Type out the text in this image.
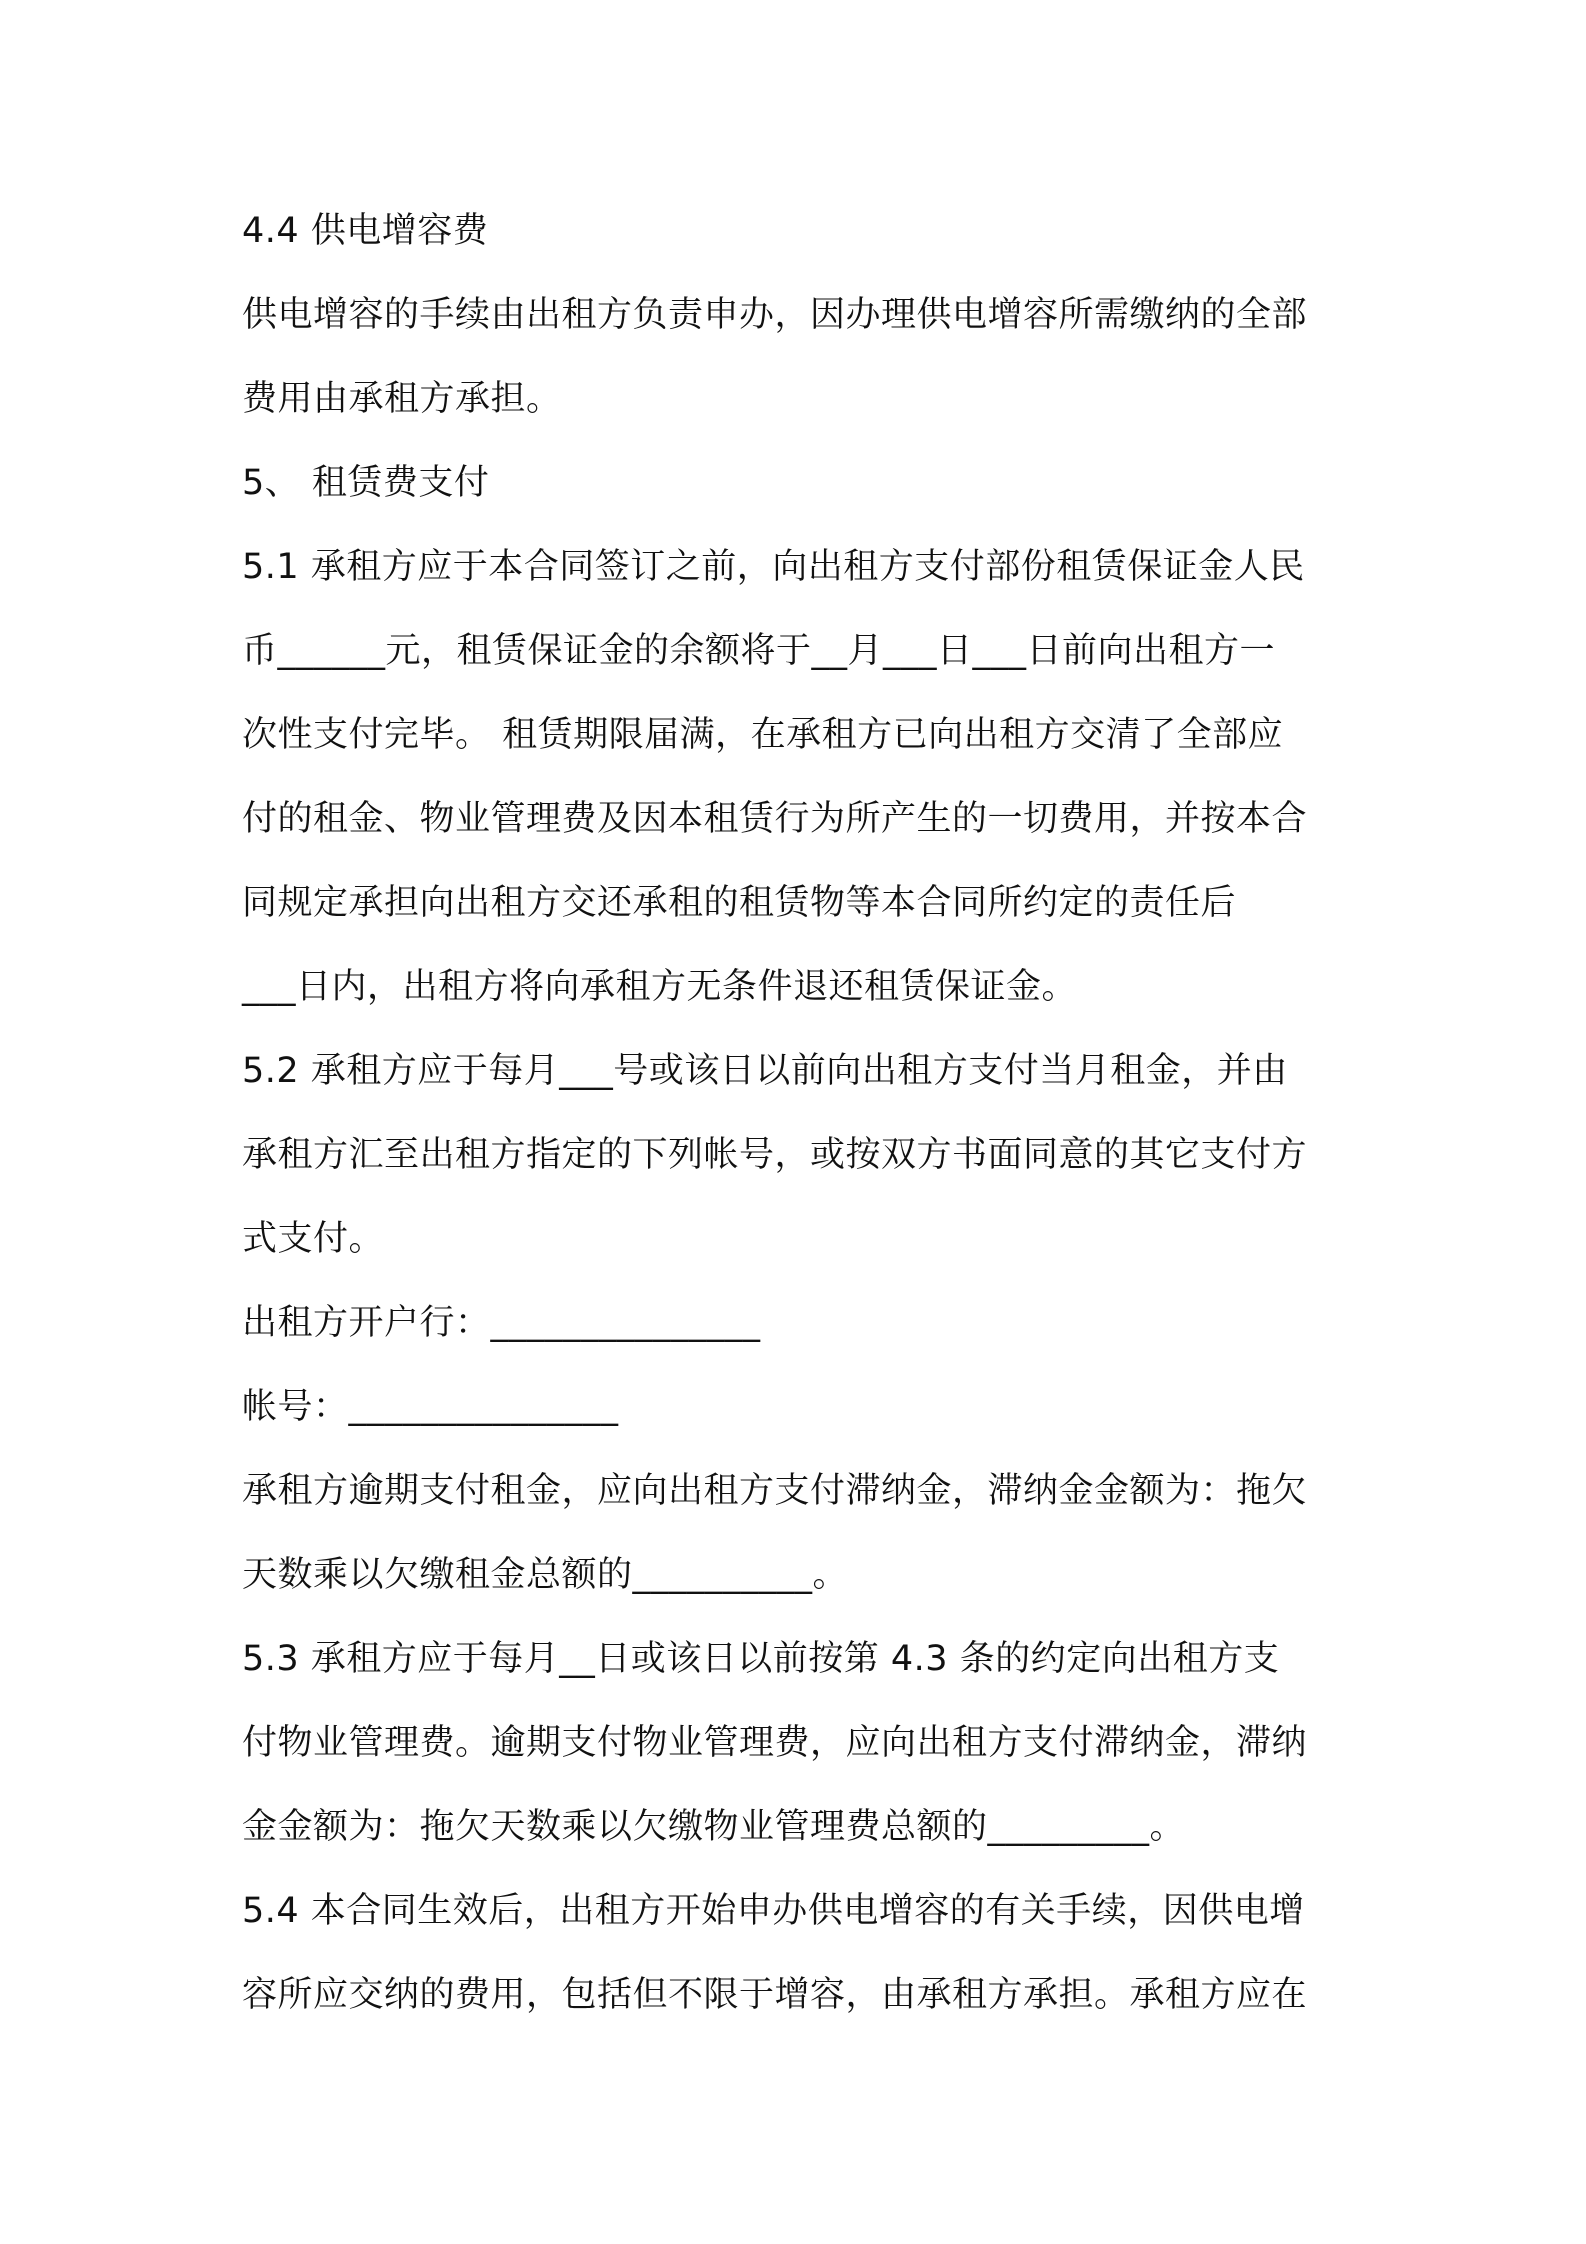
4.4 供电增容费
供电增容的手续由出租方负责申办，因办理供电增容所需缴纳的全部
费用由承租方承担。
5、 租赁费支付
5.1 承租方应于本合同签订之前，向出租方支付部份租赁保证金人民
币______元，租赁保证金的余额将于__月___日___日前向出租方一
次性支付完毕。 租赁期限届满，在承租方已向出租方交清了全部应
付的租金、物业管理费及因本租赁行为所产生的一切费用，并按本合
同规定承担向出租方交还承租的租赁物等本合同所约定的责任后
___日内，出租方将向承租方无条件退还租赁保证金。
5.2 承租方应于每月___号或该日以前向出租方支付当月租金，并由
承租方汇至出租方指定的下列帐号，或按双方书面同意的其它支付方
式支付。
出租方开户行：_______________
帐号：_______________
承租方逾期支付租金，应向出租方支付滞纳金，滞纳金金额为：拖欠
天数乘以欠缴租金总额的__________。
5.3 承租方应于每月__日或该日以前按第 4.3 条的约定向出租方支
付物业管理费。逾期支付物业管理费，应向出租方支付滞纳金，滞纳
金金额为：拖欠天数乘以欠缴物业管理费总额的_________。
5.4 本合同生效后，出租方开始申办供电增容的有关手续，因供电增
容所应交纳的费用，包括但不限于增容，由承租方承担。承租方应在
